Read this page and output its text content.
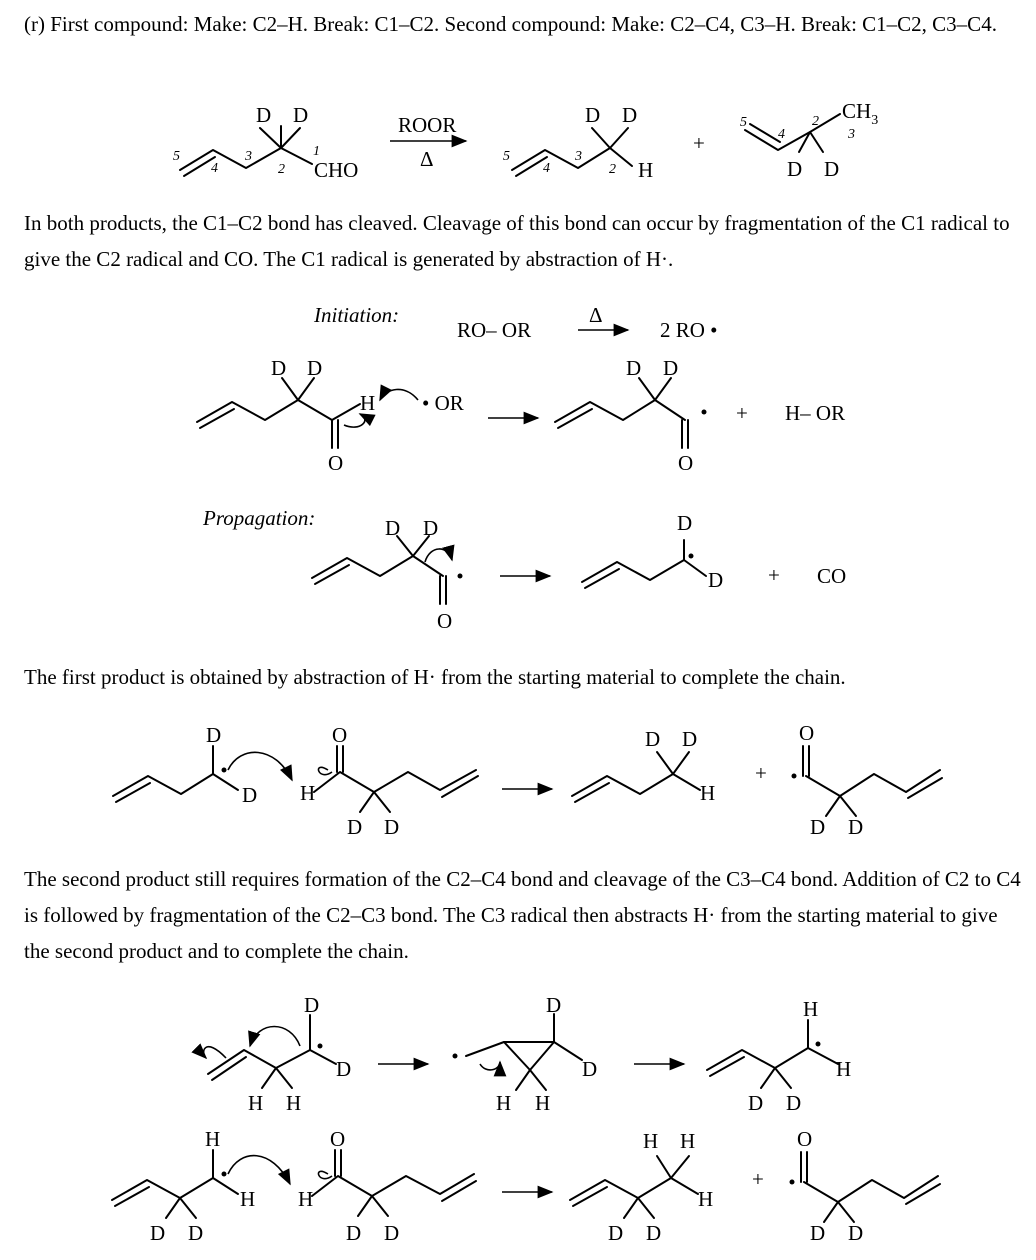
(r) First compound: Make: C2–H. Break: C1–C2. Second compound: Make: C2–C4, C3–H. Break: C1–C2, C3–C4.

In both products, the C1–C2 bond has cleaved. Cleavage of this bond can occur by fragmentation of the C1 radical to give the C2 radical and CO. The C1 radical is generated by abstraction of H·.

The first product is obtained by abstraction of H· from the starting material to complete the chain.

The second product still requires formation of the C2–C4 bond and cleavage of the C3–C4 bond. Addition of C2 to C4 is followed by fragmentation of the C2–C3 bond. The C3 radical then abstracts H· from the starting material to give the second product and to complete the chain.

D D
CHO
5
4
3
2
1
ROOR
Δ
D D
H
5
4
3
2
+
D D
$CH_3$
5
4
2
3
Initiation:
RO– OR
Δ
2 RO •
D D
O
H • OR
D D
O
+ H– OR
Propagation:	D D
O
D
D + CO
D
D H
O
D D
D D
H
+
O
D D
D
D
H H
D
D
H H
H
H
D D
H
H
D D
H
O
D D
H H
H
D D
+
O
D D
